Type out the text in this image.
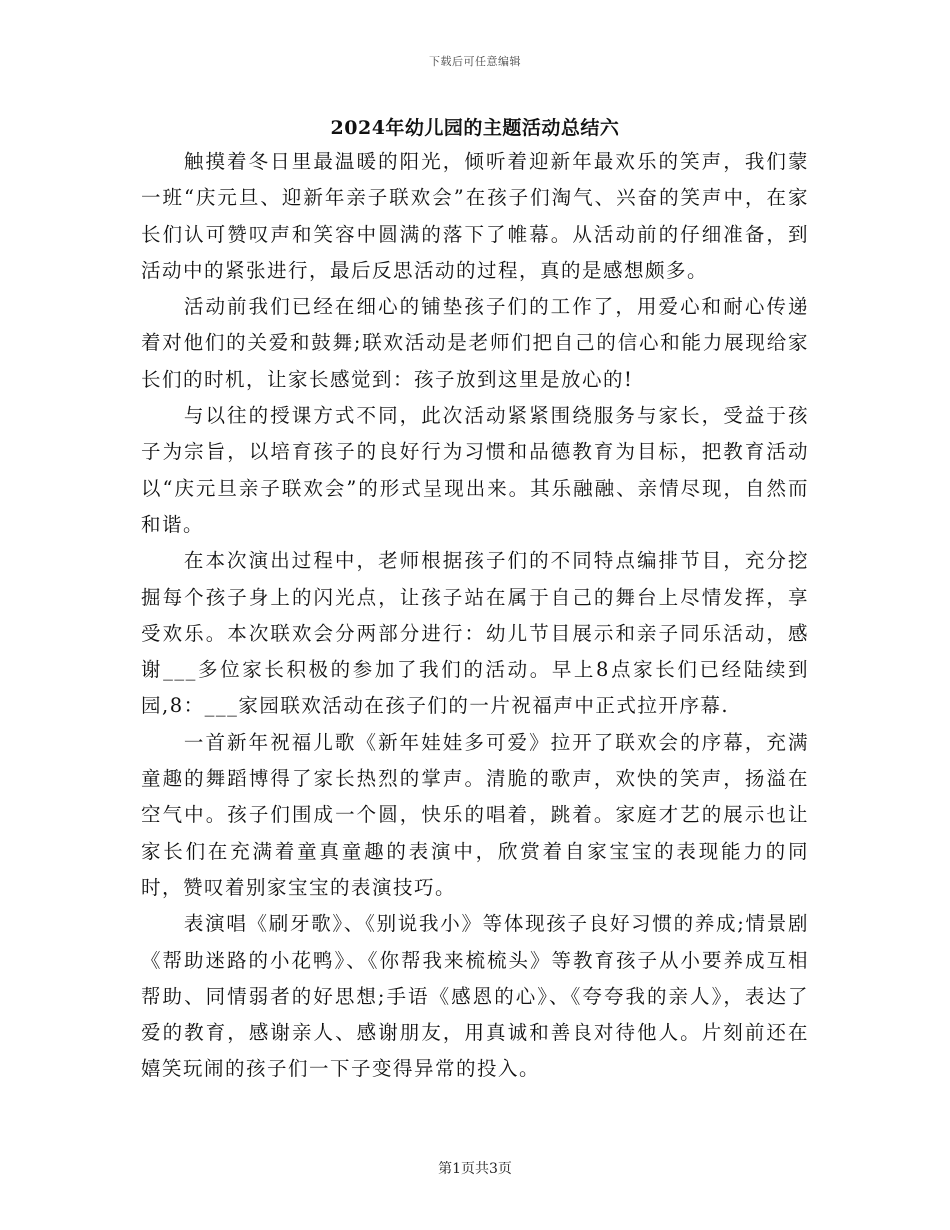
下载后可任意编辑
2024年幼儿园的主题活动总结六

触摸着冬日里最温暖的阳光，倾听着迎新年最欢乐的笑声，我们蒙一班“庆元旦、迎新年亲子联欢会”在孩子们淘气、兴奋的笑声中，在家长们认可赞叹声和笑容中圆满的落下了帷幕。从活动前的仔细准备，到活动中的紧张进行，最后反思活动的过程，真的是感想颇多。

活动前我们已经在细心的铺垫孩子们的工作了，用爱心和耐心传递着对他们的关爱和鼓舞;联欢活动是老师们把自己的信心和能力展现给家长们的时机，让家长感觉到：孩子放到这里是放心的!

与以往的授课方式不同，此次活动紧紧围绕服务与家长，受益于孩子为宗旨，以培育孩子的良好行为习惯和品德教育为目标，把教育活动以“庆元旦亲子联欢会”的形式呈现出来。其乐融融、亲情尽现，自然而和谐。

在本次演出过程中，老师根据孩子们的不同特点编排节目，充分挖掘每个孩子身上的闪光点，让孩子站在属于自己的舞台上尽情发挥，享受欢乐。本次联欢会分两部分进行：幼儿节目展示和亲子同乐活动，感谢___多位家长积极的参加了我们的活动。早上8点家长们已经陆续到园,8：___家园联欢活动在孩子们的一片祝福声中正式拉开序幕.

一首新年祝福儿歌《新年娃娃多可爱》拉开了联欢会的序幕，充满童趣的舞蹈博得了家长热烈的掌声。清脆的歌声，欢快的笑声，扬溢在空气中。孩子们围成一个圆，快乐的唱着，跳着。家庭才艺的展示也让家长们在充满着童真童趣的表演中，欣赏着自家宝宝的表现能力的同时，赞叹着别家宝宝的表演技巧。

表演唱《刷牙歌》、《别说我小》等体现孩子良好习惯的养成;情景剧《帮助迷路的小花鸭》、《你帮我来梳梳头》等教育孩子从小要养成互相帮助、同情弱者的好思想;手语《感恩的心》、《夸夸我的亲人》，表达了爱的教育，感谢亲人、感谢朋友，用真诚和善良对待他人。片刻前还在嬉笑玩闹的孩子们一下子变得异常的投入。

第1页共3页
